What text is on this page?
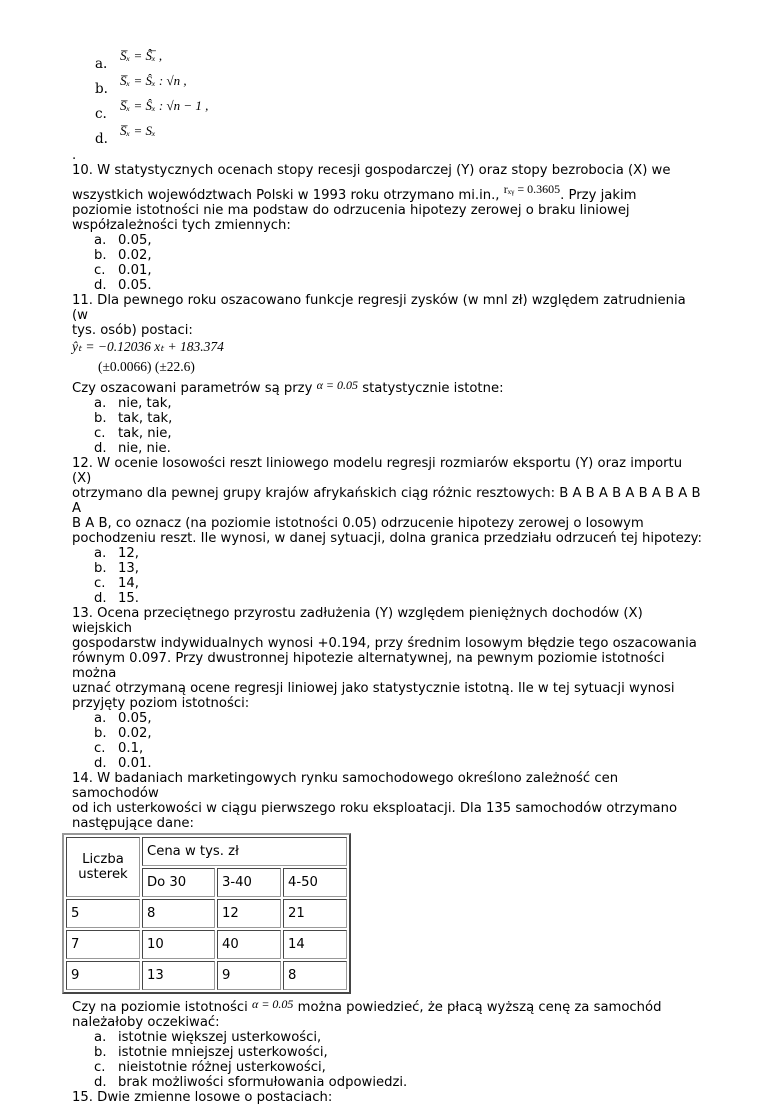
a.
S̅ₓ = Ŝ̅ₓ ,
b.
S̅ₓ = Ŝₓ : √n ,
c.
S̅ₓ = Ŝₓ : √n − 1 ,
d.
S̅ₓ = Sₓ

.

10. W statystycznych ocenach stopy recesji gospodarczej (Y) oraz stopy bezrobocia (X) we

wszystkich województwach Polski w 1993 roku otrzymano mi.in., rₓᵧ = 0.3605. Przy jakim

poziomie istotności nie ma podstaw do odrzucenia hipotezy zerowej o braku liniowej

współzależności tych zmiennych:

a. 0.05,
b. 0.02,
c. 0.01,
d. 0.05.

11. Dla pewnego roku oszacowano funkcje regresji zysków (w mnl zł) względem zatrudnienia (w

tys. osób) postaci:

ŷₜ = −0.12036 xₜ + 183.374
(±0.0066) (±22.6)

Czy oszacowani parametrów są przy α = 0.05 statystycznie istotne:

a. nie, tak,
b. tak, tak,
c. tak, nie,
d. nie, nie.

12. W ocenie losowości reszt liniowego modelu regresji rozmiarów eksportu (Y) oraz importu (X)

otrzymano dla pewnej grupy krajów afrykańskich ciąg różnic resztowych: B A B A B A B A B A B A

B A B, co oznacz (na poziomie istotności 0.05) odrzucenie hipotezy zerowej o losowym

pochodzeniu reszt. Ile wynosi, w danej sytuacji, dolna granica przedziału odrzuceń tej hipotezy:

a. 12,
b. 13,
c. 14,
d. 15.

13. Ocena przeciętnego przyrostu zadłużenia (Y) względem pieniężnych dochodów (X) wiejskich

gospodarstw indywidualnych wynosi +0.194, przy średnim losowym błędzie tego oszacowania

równym 0.097. Przy dwustronnej hipotezie alternatywnej, na pewnym poziomie istotności można

uznać otrzymaną ocene regresji liniowej jako statystycznie istotną. Ile w tej sytuacji wynosi

przyjęty poziom istotności:

a. 0.05,
b. 0.02,
c. 0.1,
d. 0.01.

14. W badaniach marketingowych rynku samochodowego określono zależność cen samochodów

od ich usterkowości w ciągu pierwszego roku eksploatacji. Dla 135 samochodów otrzymano

następujące dane:

Liczba usterek	Cena w tys. zł		
	Do 30	3-40	4-50
5	8	12	21
7	10	40	14
9	13	9	8

Czy na poziomie istotności α = 0.05 można powiedzieć, że płacą wyższą cenę za samochód

należałoby oczekiwać:

a. istotnie większej usterkowości,
b. istotnie mniejszej usterkowości,
c. nieistotnie różnej usterkowości,
d. brak możliwości sformułowania odpowiedzi.

15. Dwie zmienne losowe o postaciach:
